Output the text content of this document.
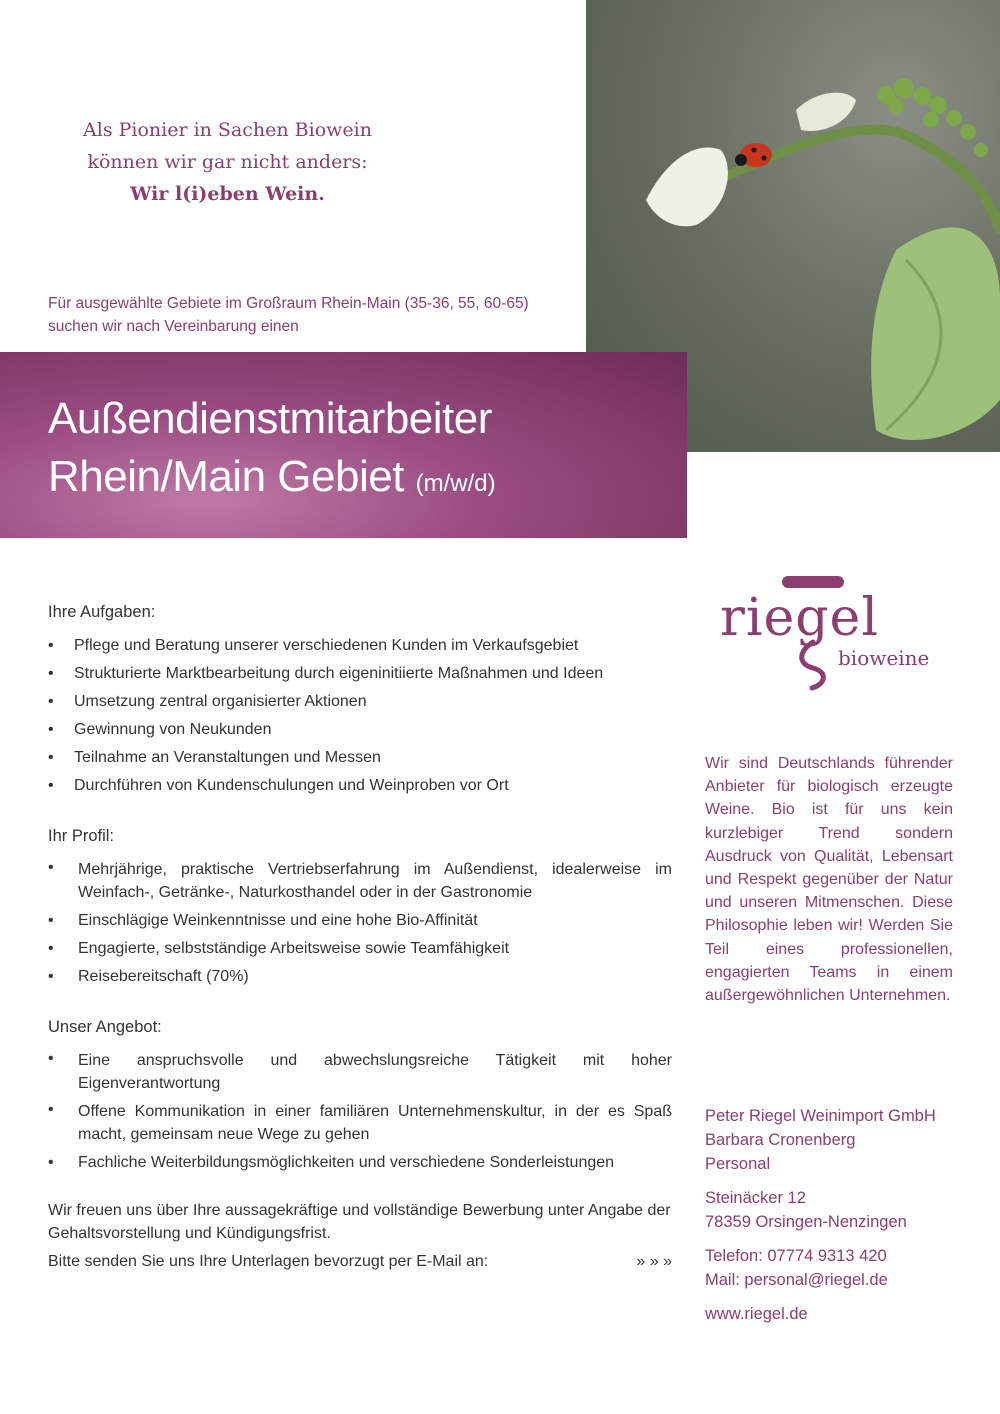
Als Pionier in Sachen Biowein
können wir gar nicht anders:
Wir l(i)eben Wein.
Für ausgewählte Gebiete im Großraum Rhein-Main (35-36, 55, 60-65)
suchen wir nach Vereinbarung einen
Außendienstmitarbeiter
Rhein/Main Gebiet (m/w/d)
Ihre Aufgaben:
• Pflege und Beratung unserer verschiedenen Kunden im Verkaufsgebiet
• Strukturierte Marktbearbeitung durch eigeninitiierte Maßnahmen und Ideen
• Umsetzung zentral organisierter Aktionen
• Gewinnung von Neukunden
• Teilnahme an Veranstaltungen und Messen
• Durchführen von Kundenschulungen und Weinproben vor Ort
Ihr Profil:
• Mehrjährige, praktische Vertriebserfahrung im Außendienst, idealerweise im Weinfach-, Getränke-, Naturkosthandel oder in der Gastronomie
• Einschlägige Weinkenntnisse und eine hohe Bio-Affinität
• Engagierte, selbstständige Arbeitsweise sowie Teamfähigkeit
• Reisebereitschaft (70%)
Unser Angebot:
• Eine anspruchsvolle und abwechslungsreiche Tätigkeit mit hoher Eigenverantwortung
• Offene Kommunikation in einer familiären Unternehmenskultur, in der es Spaß macht, gemeinsam neue Wege zu gehen
• Fachliche Weiterbildungsmöglichkeiten und verschiedene Sonderleistungen
Wir freuen uns über Ihre aussagekräftige und vollständige Bewerbung unter Angabe der Gehaltsvorstellung und Kündigungsfrist.
Bitte senden Sie uns Ihre Unterlagen bevorzugt per E-Mail an:	» » »
riegel
bioweine
Wir sind Deutschlands führender Anbieter für biologisch erzeugte Weine. Bio ist für uns kein kurzlebiger Trend sondern Ausdruck von Qualität, Lebensart und Respekt gegenüber der Natur und unseren Mitmenschen. Diese Philosophie leben wir! Werden Sie Teil eines professionellen, engagierten Teams in einem außergewöhnlichen Unternehmen.
Peter Riegel Weinimport GmbH
Barbara Cronenberg
Personal
Steinäcker 12
78359 Orsingen-Nenzingen
Telefon: 07774 9313 420
Mail: personal@riegel.de
www.riegel.de
